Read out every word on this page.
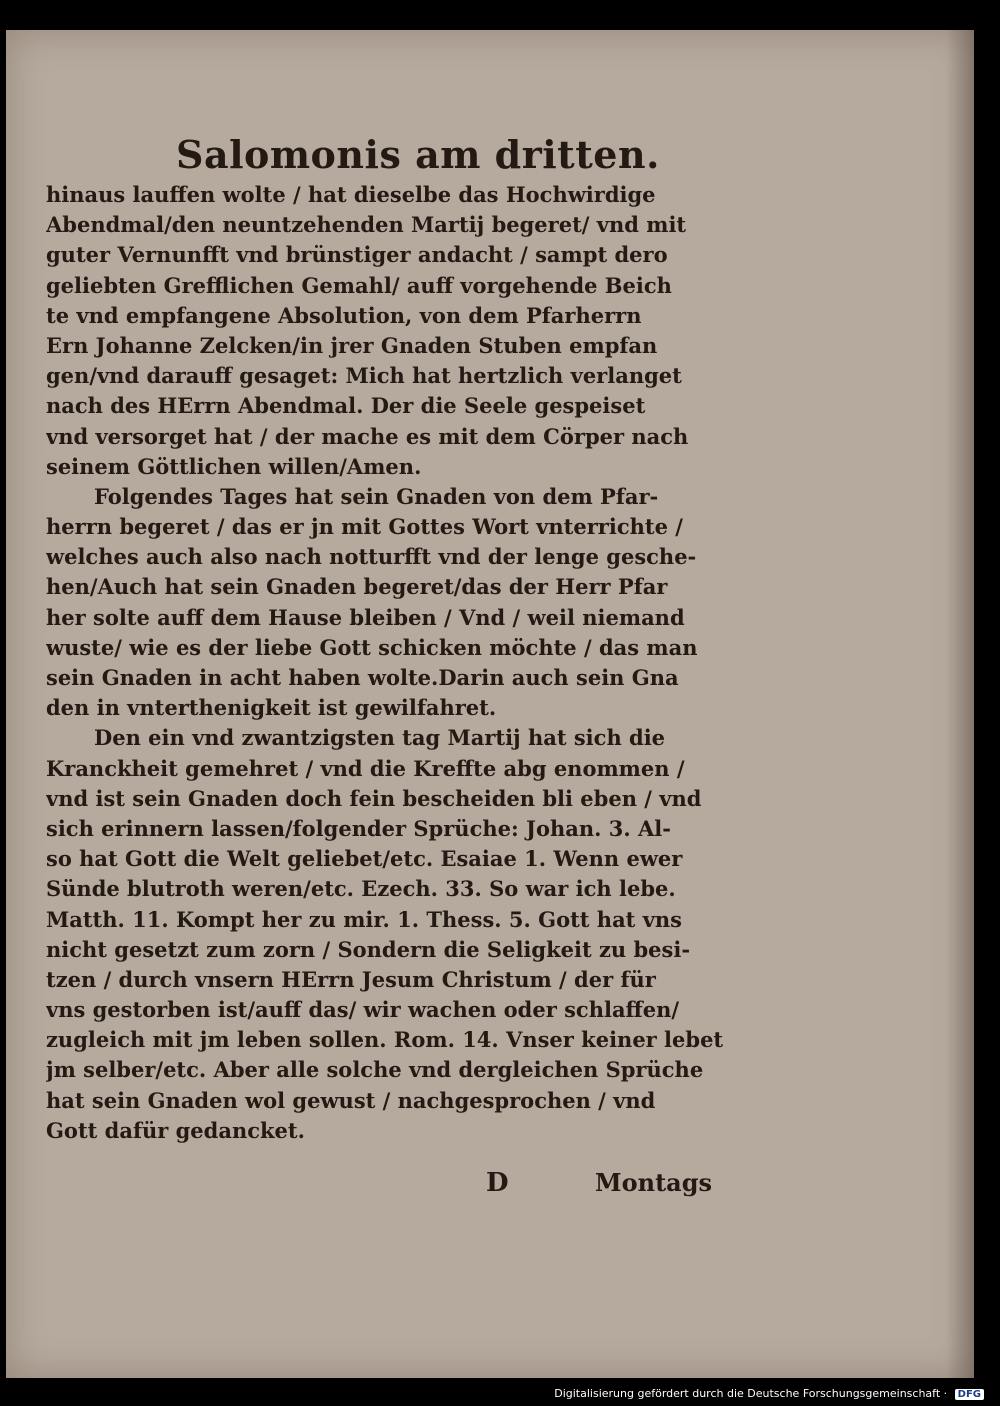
Salomonis am dritten.
hinaus lauffen wolte / hat dieselbe das Hochwirdige
Abendmal/den neuntzehenden Martij begeret/ vnd mit
guter Vernunfft vnd brünstiger andacht / sampt dero
geliebten Grefflichen Gemahl/ auff vorgehende Beich
te vnd empfangene Absolution, von dem Pfarherrn
Ern Johanne Zelcken/in jrer Gnaden Stuben empfan
gen/vnd darauff gesaget: Mich hat hertzlich verlanget
nach des HErrn Abendmal. Der die Seele gespeiset
vnd versorget hat / der mache es mit dem Cörper nach
seinem Göttlichen willen/Amen.
Folgendes Tages hat sein Gnaden von dem Pfar-
herrn begeret / das er jn mit Gottes Wort vnterrichte /
welches auch also nach notturfft vnd der lenge gesche-
hen/Auch hat sein Gnaden begeret/das der Herr Pfar
her solte auff dem Hause bleiben / Vnd / weil niemand
wuste/ wie es der liebe Gott schicken möchte / das man
sein Gnaden in acht haben wolte.Darin auch sein Gna
den in vnterthenigkeit ist gewilfahret.
Den ein vnd zwantzigsten tag Martij hat sich die
Kranckheit gemehret / vnd die Kreffte abg enommen /
vnd ist sein Gnaden doch fein bescheiden bli eben / vnd
sich erinnern lassen/folgender Sprüche: Johan. 3. Al-
so hat Gott die Welt geliebet/etc. Esaiae 1. Wenn ewer
Sünde blutroth weren/etc. Ezech. 33. So war ich lebe.
Matth. 11. Kompt her zu mir. 1. Thess. 5. Gott hat vns
nicht gesetzt zum zorn / Sondern die Seligkeit zu besi-
tzen / durch vnsern HErrn Jesum Christum / der für
vns gestorben ist/auff das/ wir wachen oder schlaffen/
zugleich mit jm leben sollen. Rom. 14. Vnser keiner lebet
jm selber/etc. Aber alle solche vnd dergleichen Sprüche
hat sein Gnaden wol gewust / nachgesprochen / vnd
Gott dafür gedancket.
D	Montags
Digitalisierung gefördert durch die Deutsche Forschungsgemeinschaft · DFG
